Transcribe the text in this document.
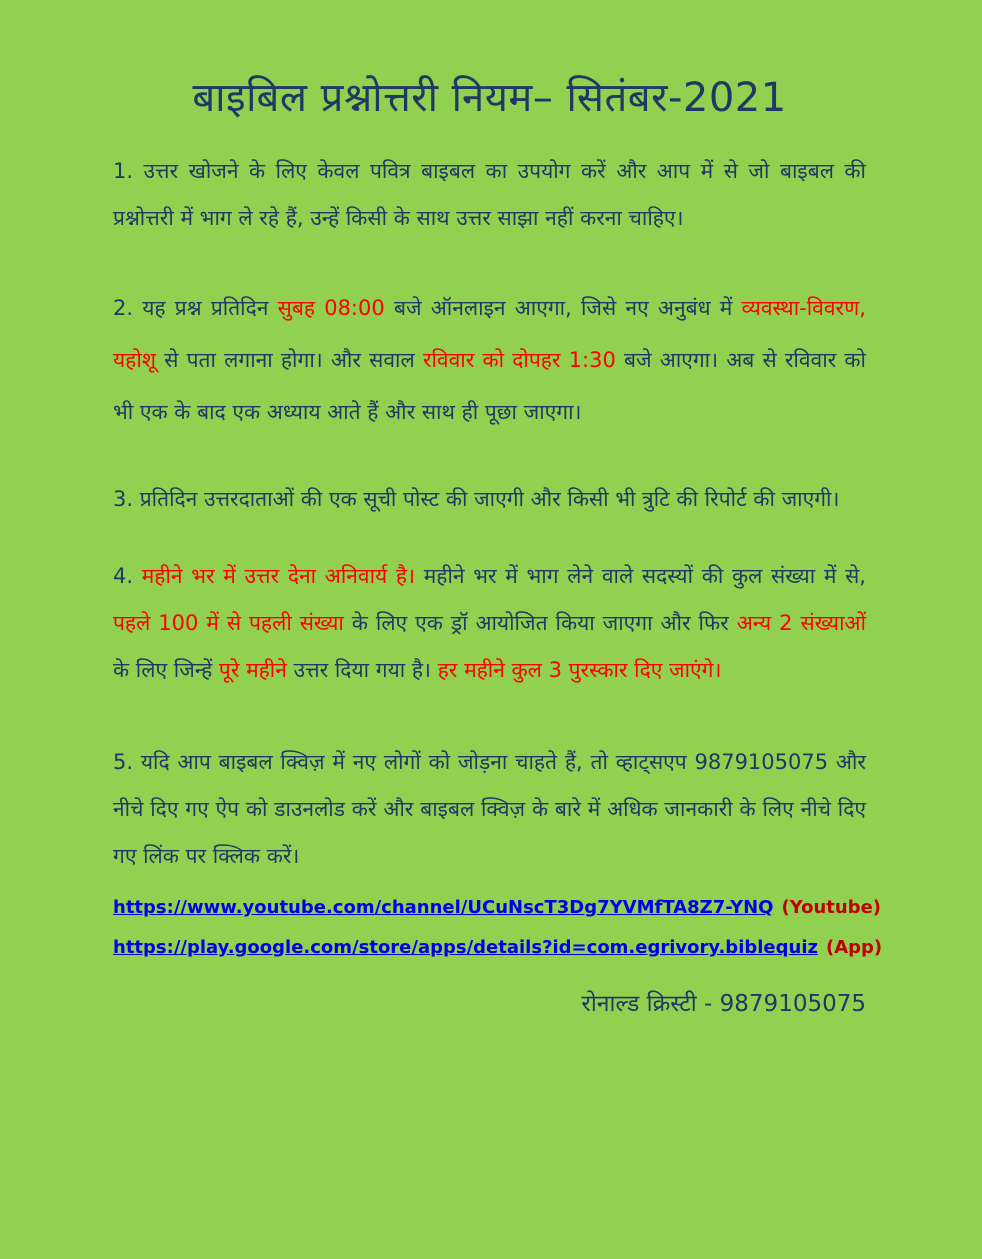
बाइबिल प्रश्नोत्तरी नियम– सितंबर-2021

1. उत्तर खोजने के लिए केवल पवित्र बाइबल का उपयोग करें और आप में से जो बाइबल की प्रश्नोत्तरी में भाग ले रहे हैं, उन्हें किसी के साथ उत्तर साझा नहीं करना चाहिए।

2. यह प्रश्न प्रतिदिन सुबह 08:00 बजे ऑनलाइन आएगा, जिसे नए अनुबंध में व्यवस्था-विवरण, यहोशू से पता लगाना होगा। और सवाल रविवार को दोपहर 1:30 बजे आएगा। अब से रविवार को भी एक के बाद एक अध्याय आते हैं और साथ ही पूछा जाएगा।

3. प्रतिदिन उत्तरदाताओं की एक सूची पोस्ट की जाएगी और किसी भी त्रुटि की रिपोर्ट की जाएगी।

4. महीने भर में उत्तर देना अनिवार्य है। महीने भर में भाग लेने वाले सदस्यों की कुल संख्या में से, पहले 100 में से पहली संख्या के लिए एक ड्रॉ आयोजित किया जाएगा और फिर अन्य 2 संख्याओं के लिए जिन्हें पूरे महीने उत्तर दिया गया है। हर महीने कुल 3 पुरस्कार दिए जाएंगे।

5. यदि आप बाइबल क्विज़ में नए लोगों को जोड़ना चाहते हैं, तो व्हाट्सएप 9879105075 और नीचे दिए गए ऐप को डाउनलोड करें और बाइबल क्विज़ के बारे में अधिक जानकारी के लिए नीचे दिए गए लिंक पर क्लिक करें।

https://www.youtube.com/channel/UCuNscT3Dg7YVMfTA8Z7-YNQ (Youtube)

https://play.google.com/store/apps/details?id=com.egrivory.biblequiz (App)

रोनाल्ड क्रिस्टी - 9879105075
